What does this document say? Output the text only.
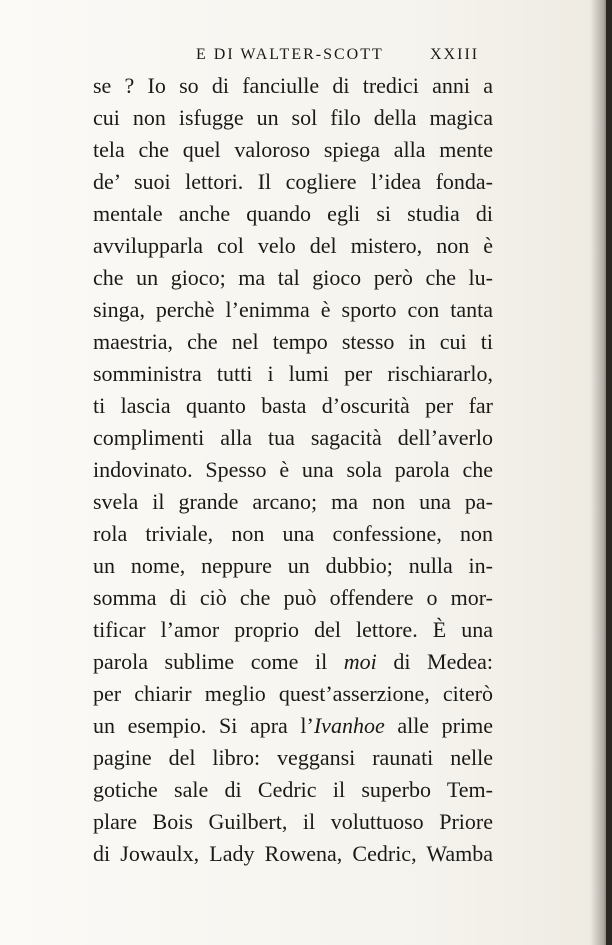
E DI WALTER-SCOTT	XXIII
se ? Io so di fanciulle di tredici anni a
cui non isfugge un sol filo della magica
tela che quel valoroso spiega alla mente
de’ suoi lettori. Il cogliere l’idea fonda-
mentale anche quando egli si studia di
avvilupparla col velo del mistero, non è
che un gioco; ma tal gioco però che lu-
singa, perchè l’enimma è sporto con tanta
maestria, che nel tempo stesso in cui ti
somministra tutti i lumi per rischiararlo,
ti lascia quanto basta d’oscurità per far
complimenti alla tua sagacità dell’averlo
indovinato. Spesso è una sola parola che
svela il grande arcano; ma non una pa-
rola triviale, non una confessione, non
un nome, neppure un dubbio; nulla in-
somma di ciò che può offendere o mor-
tificar l’amor proprio del lettore. È una
parola sublime come il moi di Medea:
per chiarir meglio quest’asserzione, citerò
un esempio. Si apra l’Ivanhoe alle prime
pagine del libro: veggansi raunati nelle
gotiche sale di Cedric il superbo Tem-
plare Bois Guilbert, il voluttuoso Priore
di Jowaulx, Lady Rowena, Cedric, Wamba
